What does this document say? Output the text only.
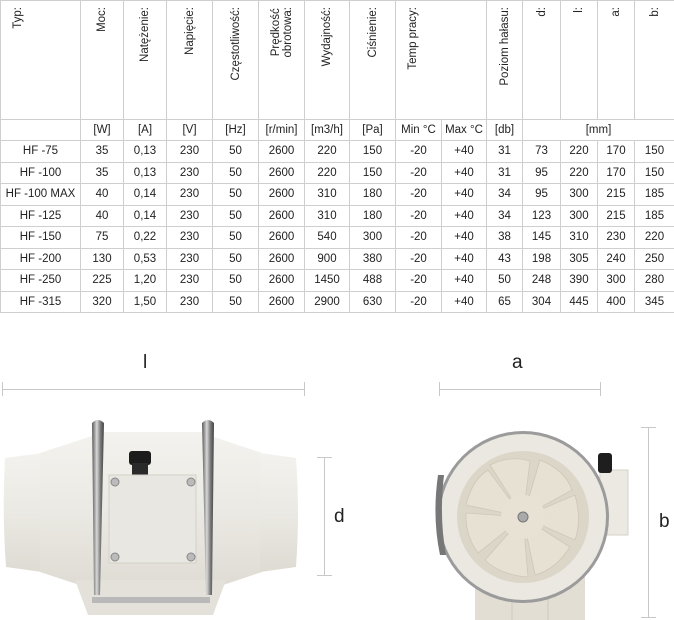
Typ:	Moc:	Natężenie:	Napięcie:	Częstotliwość:	Prędkość
obrotowa:	Wydajność:	Ciśnienie:	Temp pracy:		Poziom hałasu:	d:	l:	a:	b:

	[W]	[A]	[V]	[Hz]	[r/min]	[m3/h]	[Pa]	Min °C	Max °C	[db]	[mm]			
HF -75	35	0,13	230	50	2600	220	150	-20	+40	31	73	220	170	150
HF -100	35	0,13	230	50	2600	220	150	-20	+40	31	95	220	170	150
HF -100 MAX	40	0,14	230	50	2600	310	180	-20	+40	34	95	300	215	185
HF -125	40	0,14	230	50	2600	310	180	-20	+40	34	123	300	215	185
HF -150	75	0,22	230	50	2600	540	300	-20	+40	38	145	310	230	220
HF -200	130	0,53	230	50	2600	900	380	-20	+40	43	198	305	240	250
HF -250	225	1,20	230	50	2600	1450	488	-20	+40	50	248	390	300	280
HF -315	320	1,50	230	50	2600	2900	630	-20	+40	65	304	445	400	345
l
d
a
b
